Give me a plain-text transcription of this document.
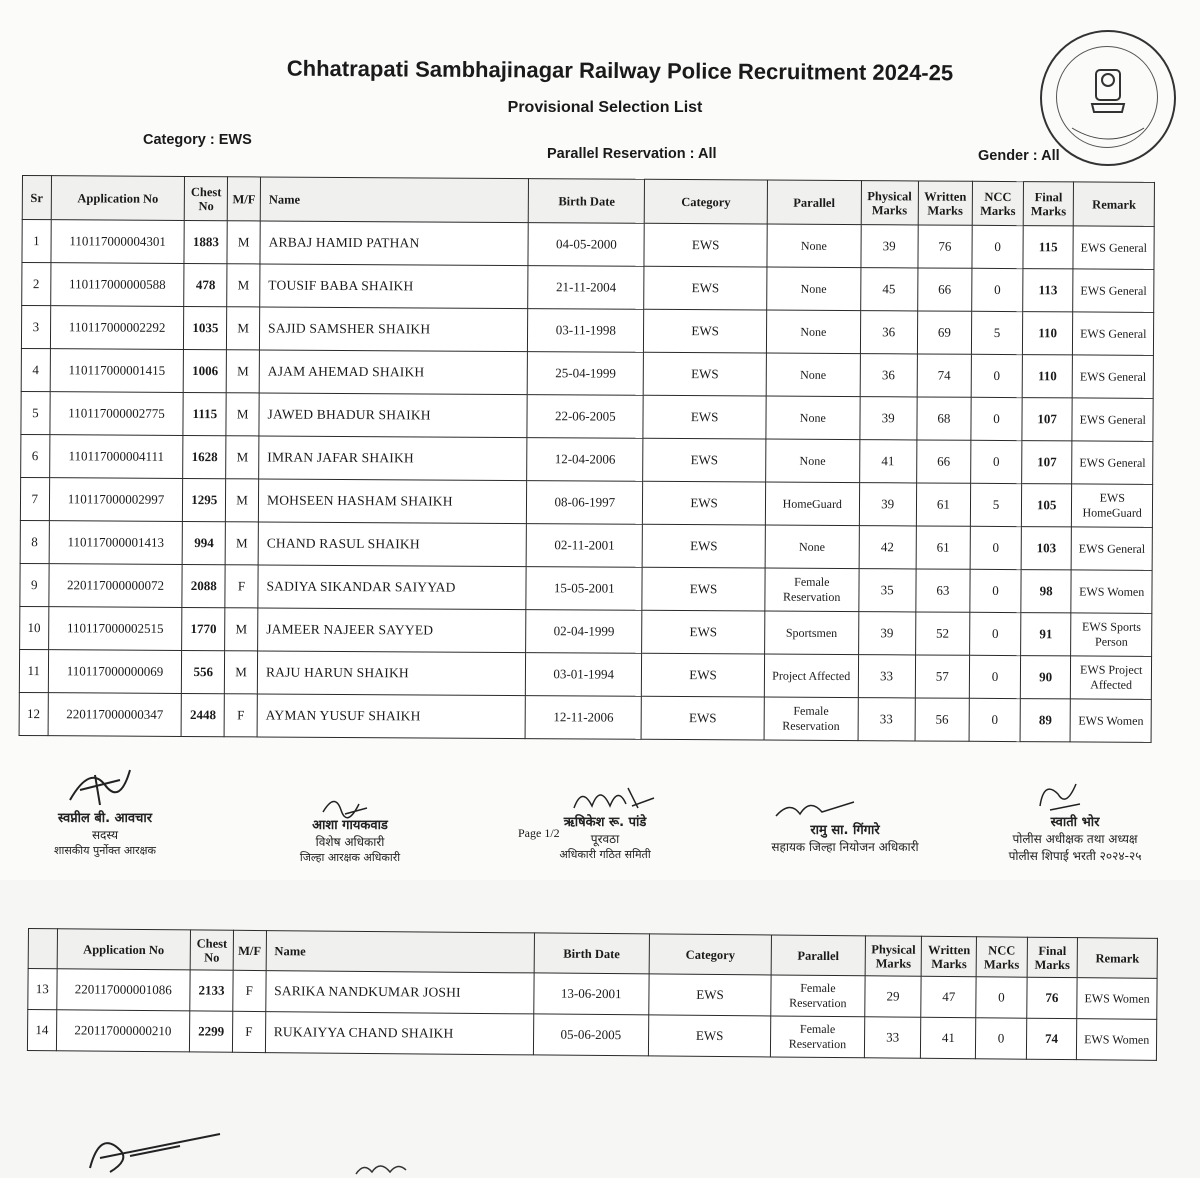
Chhatrapati Sambhajinagar Railway Police Recruitment 2024-25
Provisional Selection List
Category : EWS
Parallel Reservation : All	Gender : All
Sr	Application No	Chest No	M/F	Name	Birth Date	Category	Parallel	Physical Marks	Written Marks	NCC Marks	Final Marks	Remark
1	110117000004301	1883	M	ARBAJ HAMID PATHAN	04-05-2000	EWS	None	39	76	0	115	EWS General
2	110117000000588	478	M	TOUSIF BABA SHAIKH	21-11-2004	EWS	None	45	66	0	113	EWS General
3	110117000002292	1035	M	SAJID SAMSHER SHAIKH	03-11-1998	EWS	None	36	69	5	110	EWS General
4	110117000001415	1006	M	AJAM AHEMAD SHAIKH	25-04-1999	EWS	None	36	74	0	110	EWS General
5	110117000002775	1115	M	JAWED BHADUR SHAIKH	22-06-2005	EWS	None	39	68	0	107	EWS General
6	110117000004111	1628	M	IMRAN JAFAR SHAIKH	12-04-2006	EWS	None	41	66	0	107	EWS General
7	110117000002997	1295	M	MOHSEEN HASHAM SHAIKH	08-06-1997	EWS	HomeGuard	39	61	5	105	EWS HomeGuard
8	110117000001413	994	M	CHAND RASUL SHAIKH	02-11-2001	EWS	None	42	61	0	103	EWS General
9	220117000000072	2088	F	SADIYA SIKANDAR SAIYYAD	15-05-2001	EWS	Female Reservation	35	63	0	98	EWS Women
10	110117000002515	1770	M	JAMEER NAJEER SAYYED	02-04-1999	EWS	Sportsmen	39	52	0	91	EWS Sports Person
11	110117000000069	556	M	RAJU HARUN SHAIKH	03-01-1994	EWS	Project Affected	33	57	0	90	EWS Project Affected
12	220117000000347	2448	F	AYMAN YUSUF SHAIKH	12-11-2006	EWS	Female Reservation	33	56	0	89	EWS Women
स्वप्नील बी. आवचार
सदस्य
शासकीय पुर्नोक्त आरक्षक
आशा गायकवाड
विशेष अधिकारी
जिल्हा आरक्षक अधिकारी
Page 1/2
ऋषिकेश रू. पांडे
पूरवठा
अधिकारी गठित समिती
रामु सा. गिंगारे
सहायक जिल्हा नियोजन अधिकारी
स्वाती भोर
पोलीस अधीक्षक तथा अध्यक्ष
पोलीस शिपाई भरती २०२४-२५
	Application No	Chest No	M/F	Name	Birth Date	Category	Parallel	Physical Marks	Written Marks	NCC Marks	Final Marks	Remark
13	220117000001086	2133	F	SARIKA NANDKUMAR JOSHI	13-06-2001	EWS	Female Reservation	29	47	0	76	EWS Women
14	220117000000210	2299	F	RUKAIYYA CHAND SHAIKH	05-06-2005	EWS	Female Reservation	33	41	0	74	EWS Women
